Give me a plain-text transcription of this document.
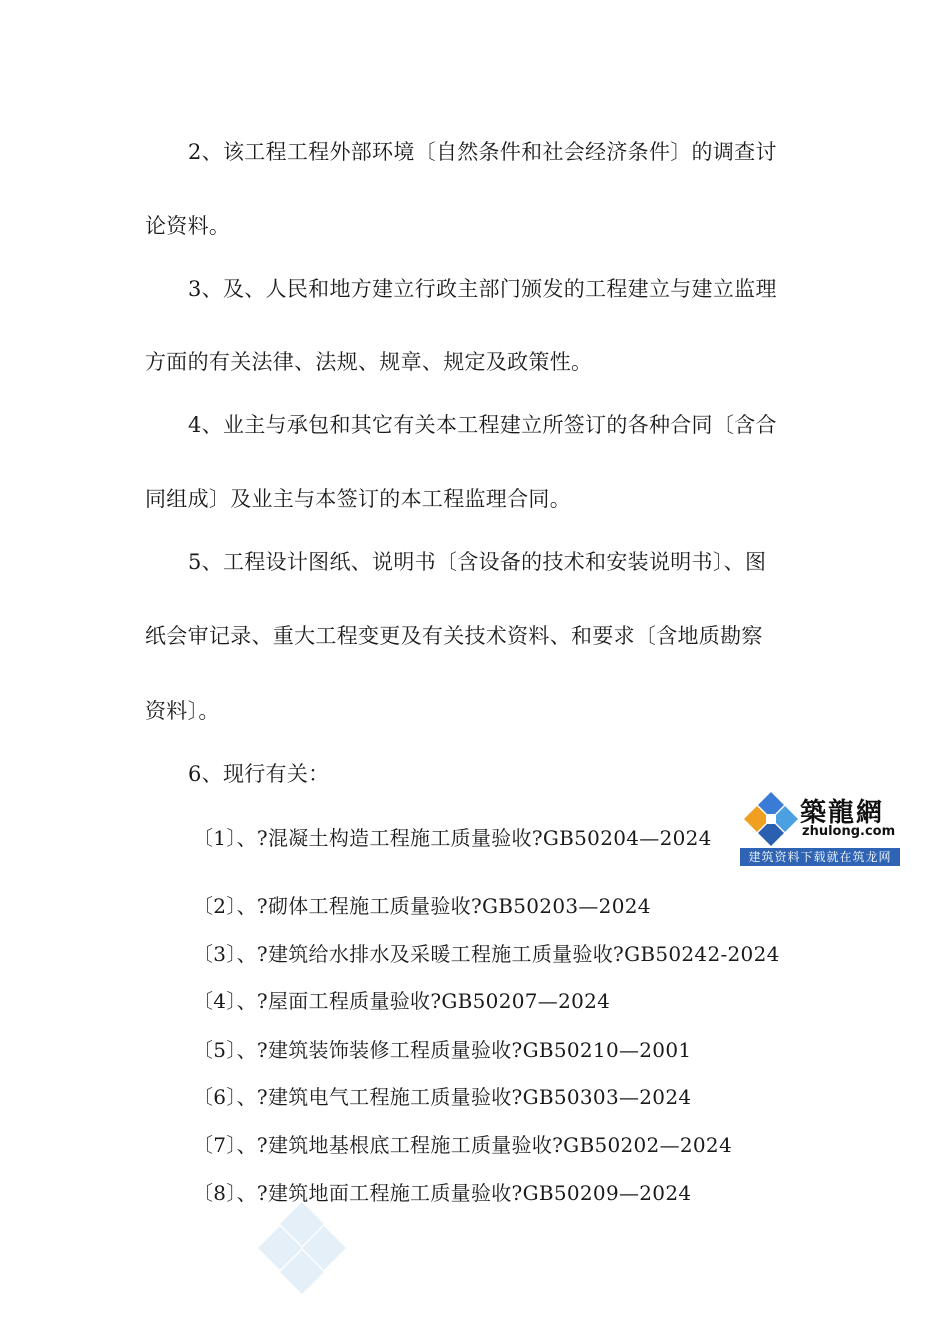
2、该工程工程外部环境〔自然条件和社会经济条件〕的调查讨
论资料。
3、及、人民和地方建立行政主部门颁发的工程建立与建立监理
方面的有关法律、法规、规章、规定及政策性。
4、业主与承包和其它有关本工程建立所签订的各种合同〔含合
同组成〕及业主与本签订的本工程监理合同。
5、工程设计图纸、说明书〔含设备的技术和安装说明书〕、图
纸会审记录、重大工程变更及有关技术资料、和要求〔含地质勘察
资料〕。
6、现行有关：
〔1〕、?混凝土构造工程施工质量验收?GB50204—2024
〔2〕、?砌体工程施工质量验收?GB50203—2024
〔3〕、?建筑给水排水及采暖工程施工质量验收?GB50242-2024
〔4〕、?屋面工程质量验收?GB50207—2024
〔5〕、?建筑装饰装修工程质量验收?GB50210—2001
〔6〕、?建筑电气工程施工质量验收?GB50303—2024
〔7〕、?建筑地基根底工程施工质量验收?GB50202—2024
〔8〕、?建筑地面工程施工质量验收?GB50209—2024
築龍網
zhulong.com
建筑资料下载就在筑龙网
